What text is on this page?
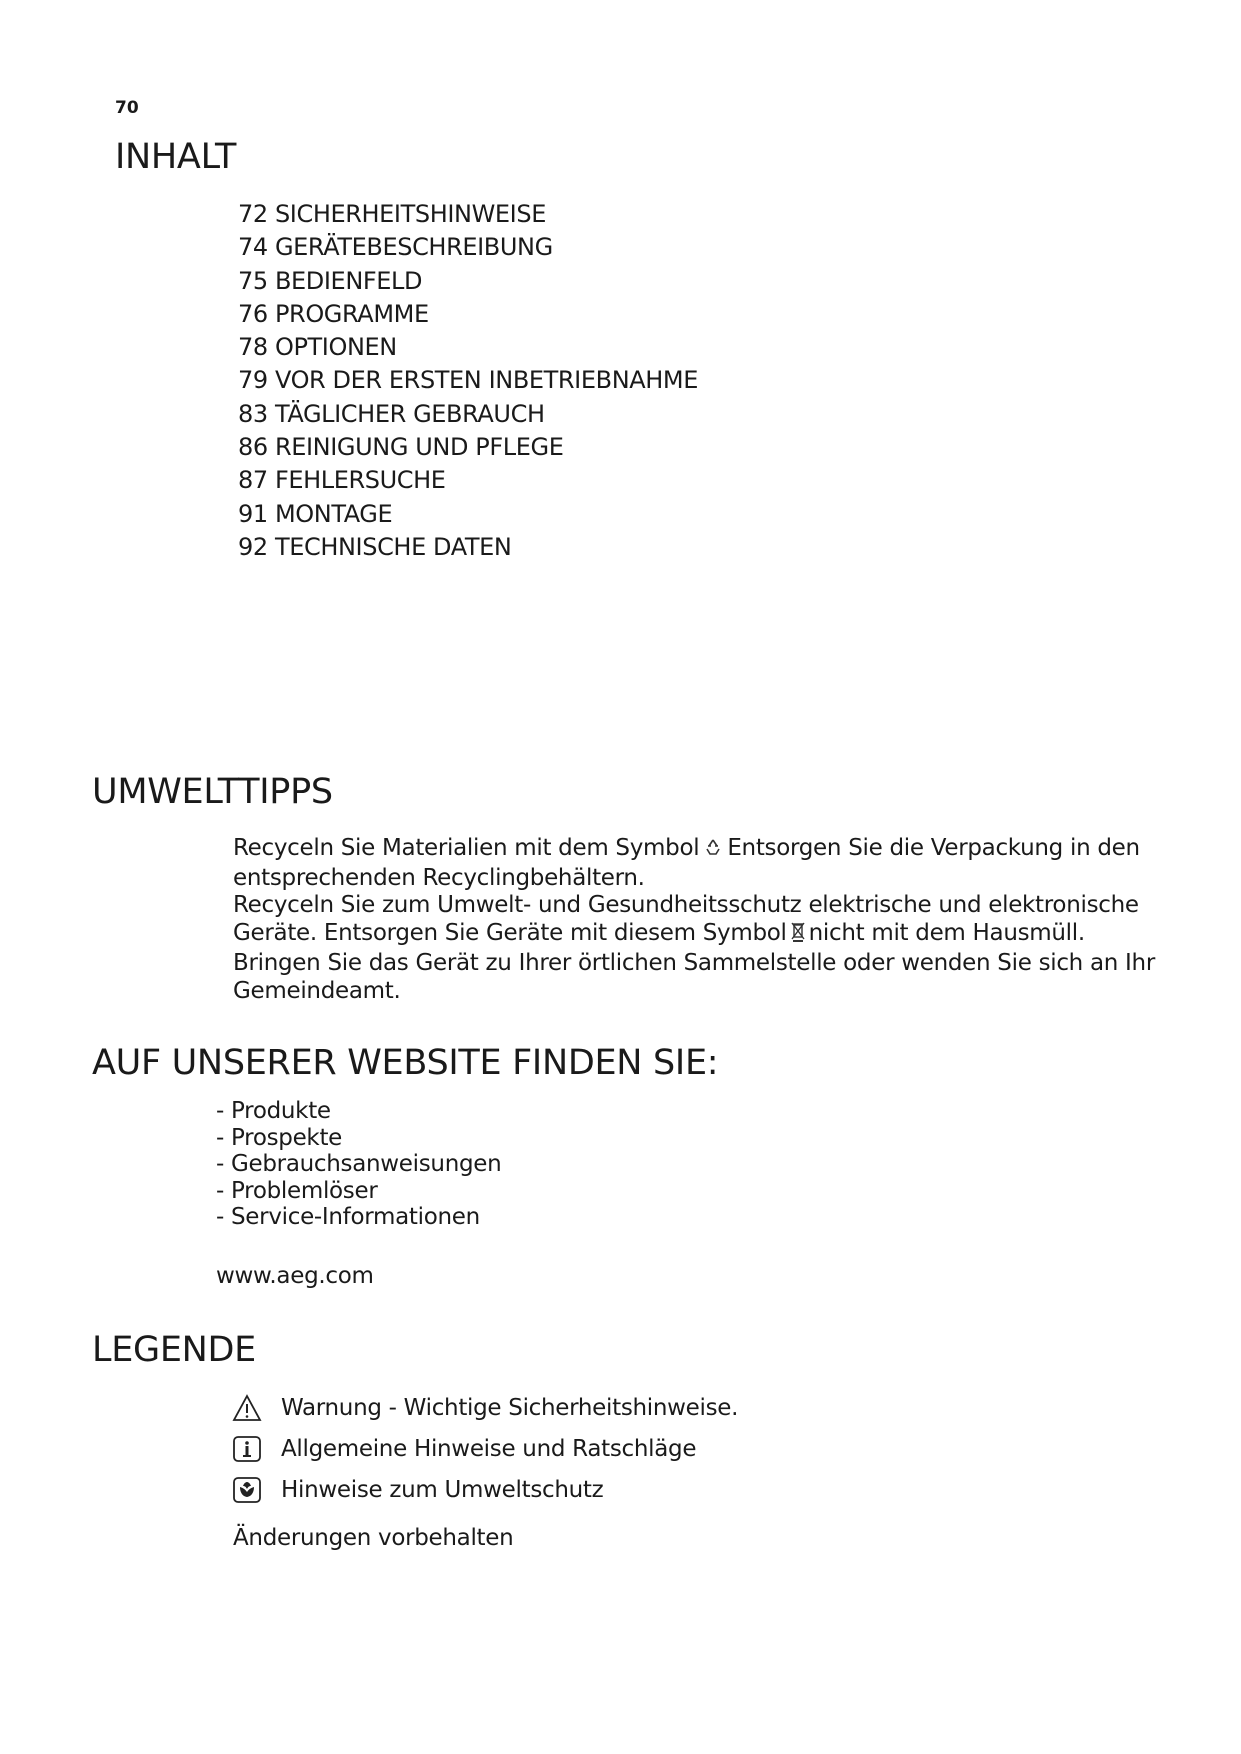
70
INHALT
72 SICHERHEITSHINWEISE
74 GERÄTEBESCHREIBUNG
75 BEDIENFELD
76 PROGRAMME
78 OPTIONEN
79 VOR DER ERSTEN INBETRIEBNAHME
83 TÄGLICHER GEBRAUCH
86 REINIGUNG UND PFLEGE
87 FEHLERSUCHE
91 MONTAGE
92 TECHNISCHE DATEN
UMWELTTIPPS
Recyceln Sie Materialien mit dem Symbol Entsorgen Sie die Verpackung in den
entsprechenden Recyclingbehältern.
Recyceln Sie zum Umwelt- und Gesundheitsschutz elektrische und elektronische
Geräte. Entsorgen Sie Geräte mit diesem Symbol nicht mit dem Hausmüll.
Bringen Sie das Gerät zu Ihrer örtlichen Sammelstelle oder wenden Sie sich an Ihr
Gemeindeamt.
AUF UNSERER WEBSITE FINDEN SIE:
- Produkte
- Prospekte
- Gebrauchsanweisungen
- Problemlöser
- Service-Informationen
www.aeg.com
LEGENDE
Warnung - Wichtige Sicherheitshinweise.
Allgemeine Hinweise und Ratschläge
Hinweise zum Umweltschutz
Änderungen vorbehalten
